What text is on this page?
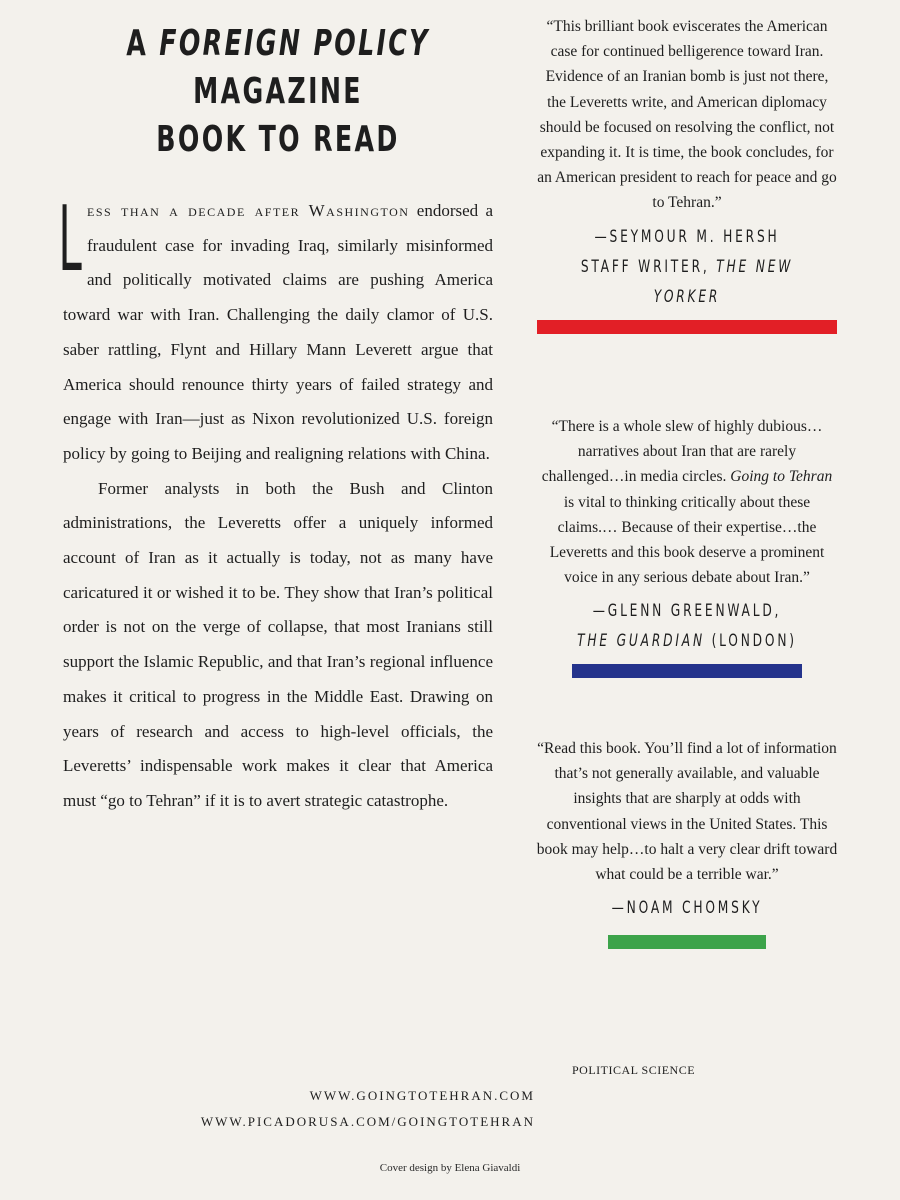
A FOREIGN POLICY MAGAZINE
BOOK TO READ

Less than a decade after Washington endorsed a fraudulent case for invading Iraq, similarly misinformed and politically motivated claims are pushing America toward war with Iran. Challenging the daily clamor of U.S. saber rattling, Flynt and Hillary Mann Leverett argue that America should renounce thirty years of failed strategy and engage with Iran—just as Nixon revolutionized U.S. foreign policy by going to Beijing and realigning relations with China.

Former analysts in both the Bush and Clinton administrations, the Leveretts offer a uniquely informed account of Iran as it actually is today, not as many have caricatured it or wished it to be. They show that Iran’s political order is not on the verge of collapse, that most Iranians still support the Islamic Republic, and that Iran’s regional influence makes it critical to progress in the Middle East. Drawing on years of research and access to high-level officials, the Leveretts’ indispensable work makes it clear that America must “go to Tehran” if it is to avert strategic catastrophe.

“This brilliant book eviscerates the American case for continued belligerence toward Iran. Evidence of an Iranian bomb is just not there, the Leveretts write, and American diplomacy should be focused on resolving the conflict, not expanding it. It is time, the book concludes, for an American president to reach for peace and go to Tehran.”

—SEYMOUR M. HERSH
STAFF WRITER, THE NEW YORKER

“There is a whole slew of highly dubious…narratives about Iran that are rarely challenged…in media circles. Going to Tehran is vital to thinking critically about these claims.… Because of their expertise…the Leveretts and this book deserve a prominent voice in any serious debate about Iran.”

—GLENN GREENWALD,
THE GUARDIAN (LONDON)

“Read this book. You’ll find a lot of information that’s not generally available, and valuable insights that are sharply at odds with conventional views in the United States. This book may help…to halt a very clear drift toward what could be a terrible war.”

—NOAM CHOMSKY
POLITICAL SCIENCE
WWW.GOINGTOTEHRAN.COM
WWW.PICADORUSA.COM/GOINGTOTEHRAN
Cover design by Elena Giavaldi
